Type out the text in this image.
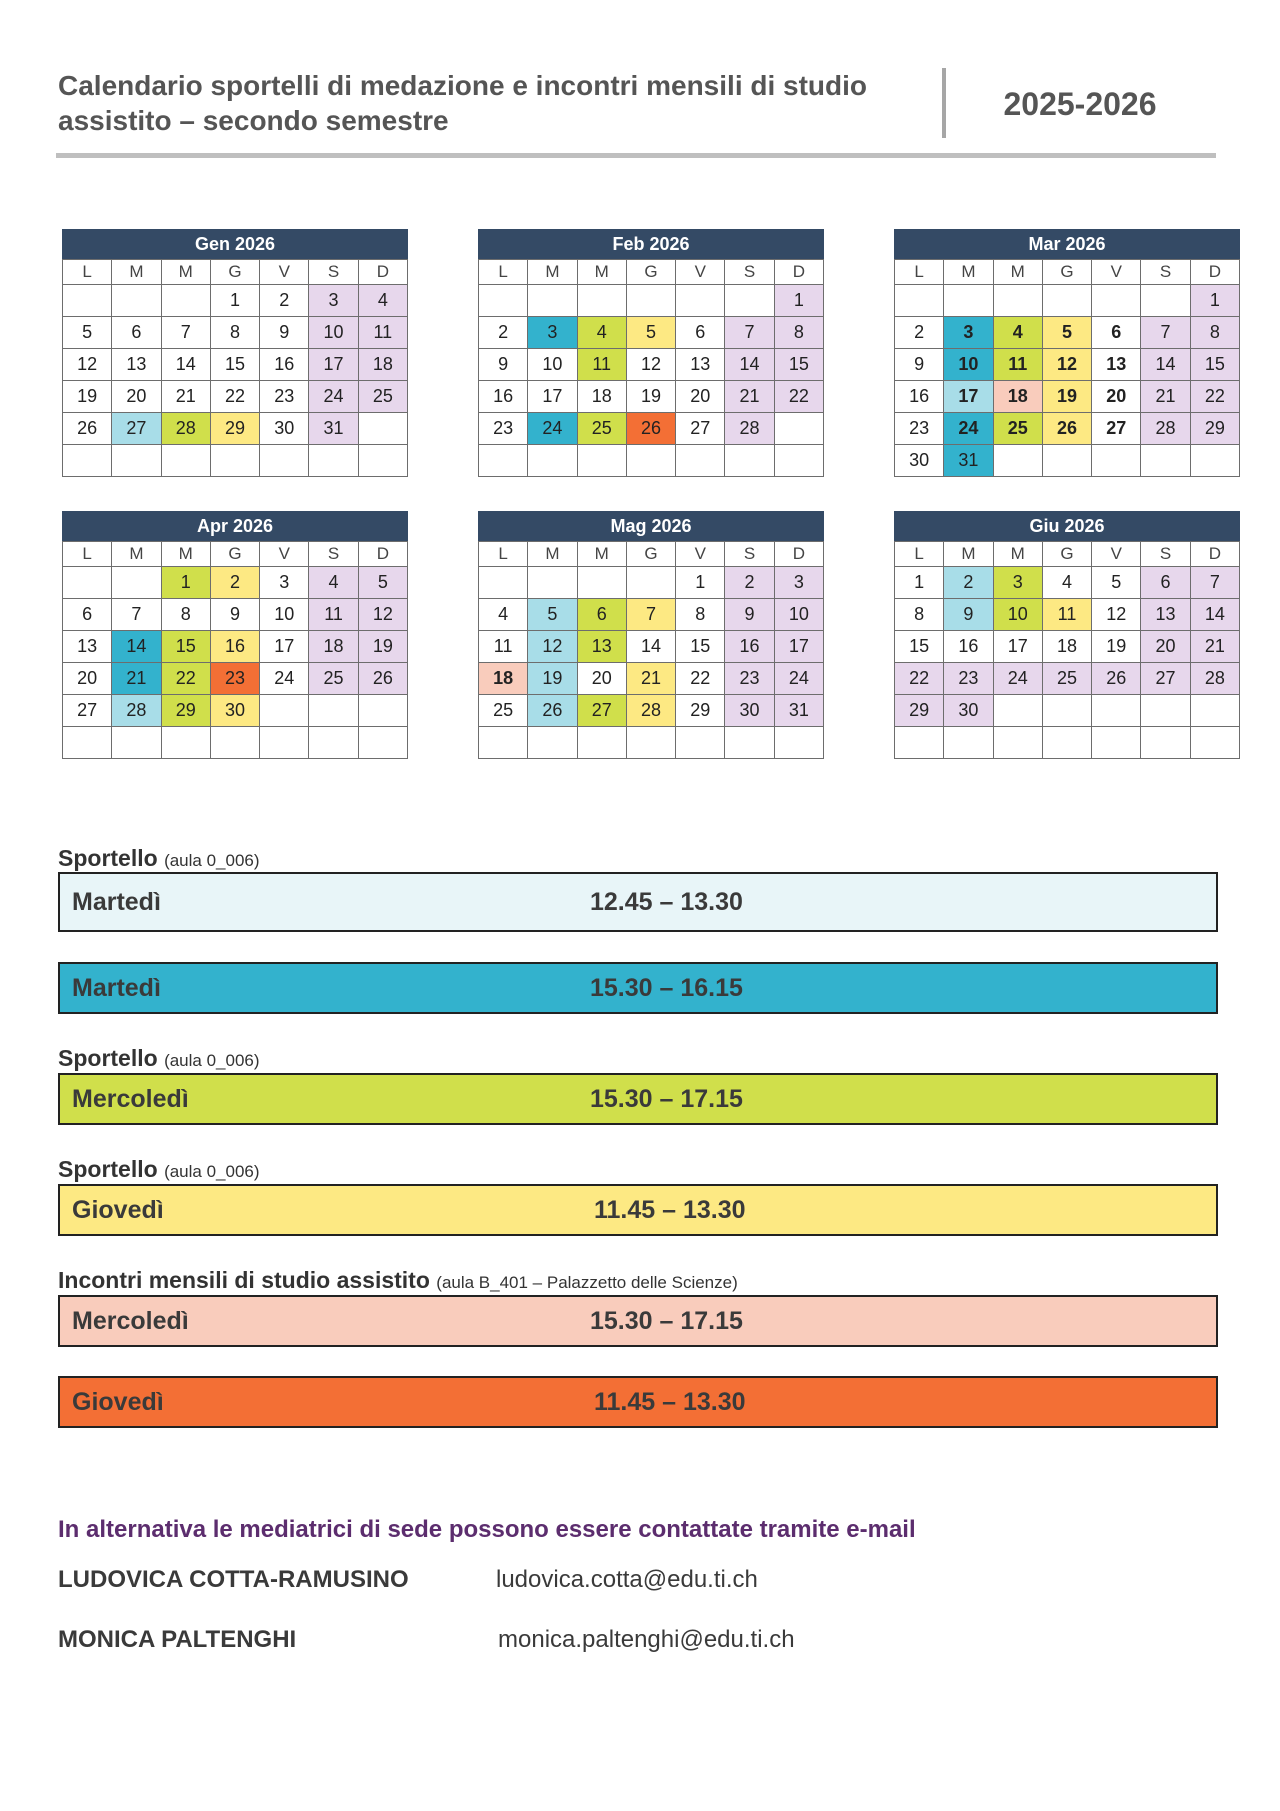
Calendario sportelli di medazione e incontri mensili di studio
assistito – secondo semestre	2025-2026
Gen 2026
L	M	M	G	V	S	D
			1	2	3	4
5	6	7	8	9	10	11
12	13	14	15	16	17	18
19	20	21	22	23	24	25
26	27	28	29	30	31	

Feb 2026
L	M	M	G	V	S	D
						1
2	3	4	5	6	7	8
9	10	11	12	13	14	15
16	17	18	19	20	21	22
23	24	25	26	27	28	

Mar 2026
L	M	M	G	V	S	D
						1
2	3	4	5	6	7	8
9	10	11	12	13	14	15
16	17	18	19	20	21	22
23	24	25	26	27	28	29
30	31					
Apr 2026
L	M	M	G	V	S	D
		1	2	3	4	5
6	7	8	9	10	11	12
13	14	15	16	17	18	19
20	21	22	23	24	25	26
27	28	29	30			

Mag 2026
L	M	M	G	V	S	D
				1	2	3
4	5	6	7	8	9	10
11	12	13	14	15	16	17
18	19	20	21	22	23	24
25	26	27	28	29	30	31

Giu 2026
L	M	M	G	V	S	D
1	2	3	4	5	6	7
8	9	10	11	12	13	14
15	16	17	18	19	20	21
22	23	24	25	26	27	28
29	30					

Sportello (aula 0_006)
Martedì	12.45 – 13.30
Martedì	15.30 – 16.15
Sportello (aula 0_006)
Mercoledì	15.30 – 17.15
Sportello (aula 0_006)
Giovedì	11.45 – 13.30
Incontri mensili di studio assistito (aula B_401 – Palazzetto delle Scienze)
Mercoledì	15.30 – 17.15
Giovedì	11.45 – 13.30
In alternativa le mediatrici di sede possono essere contattate tramite e-mail
LUDOVICA COTTA-RAMUSINO	ludovica.cotta@edu.ti.ch
MONICA PALTENGHI	monica.paltenghi@edu.ti.ch
